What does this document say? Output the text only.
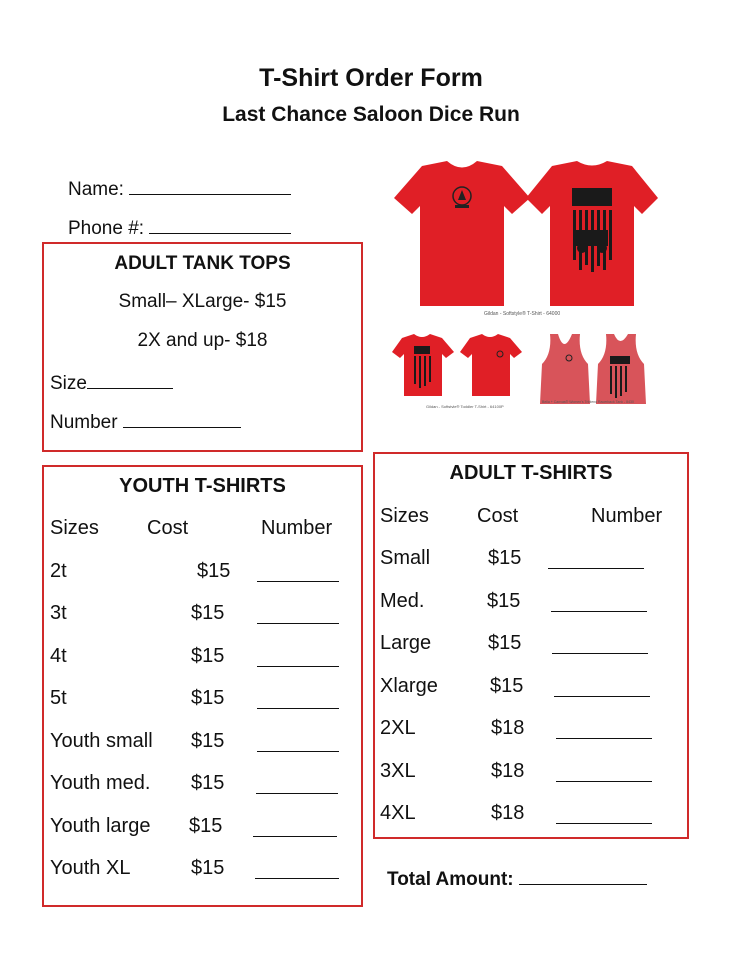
T-Shirt Order Form
Last Chance Saloon Dice Run
Name:
Phone #:
ADULT TANK TOPS
Small– XLarge- $15
2X and up- $18
Size
Number
Gildan - Softstyle® T-Shirt - 64000
Gildan - Softstyle® Toddler T-Shirt - 64100P
Bella + Canvas® Women's Triblend Racerback Tank - 8430
YOUTH T-SHIRTS
Sizes Cost	Number
2t	$15
3t	$15
4t	$15
5t	$15
Youth small $15
Youth med. $15
Youth large $15
Youth XL	$15
ADULT T-SHIRTS
Sizes Cost	Number
Small	$15
Med.	$15
Large	$15
Xlarge	$15
2XL	$18
3XL	$18
4XL	$18
Total Amount:
